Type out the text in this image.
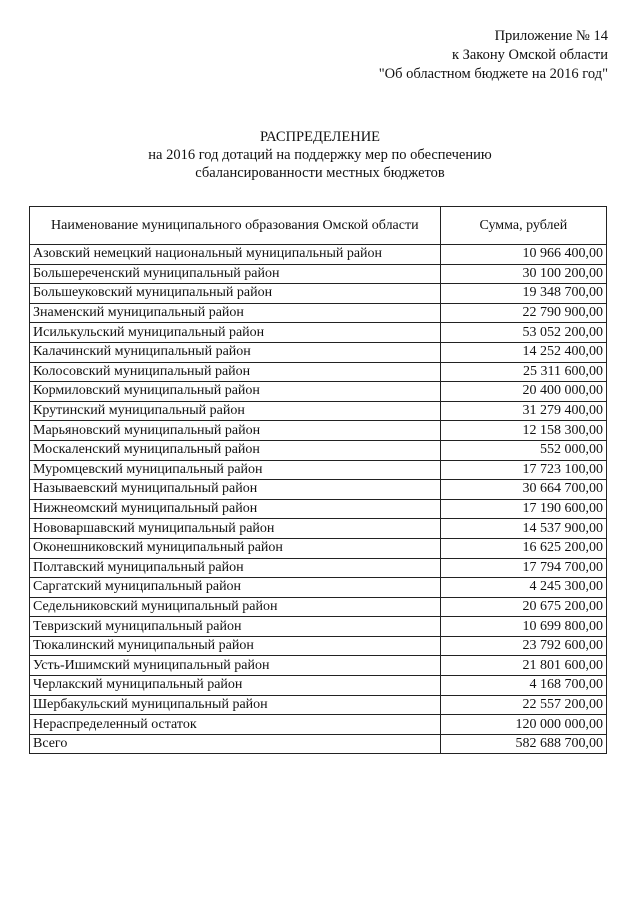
Приложение № 14
к Закону Омской области
"Об областном бюджете на 2016 год"
РАСПРЕДЕЛЕНИЕ
на 2016 год дотаций на поддержку мер по обеспечению
сбалансированности местных бюджетов
Наименование муниципального образования Омской области	Сумма, рублей
Азовский немецкий национальный муниципальный район	10 966 400,00
Большереченский муниципальный район	30 100 200,00
Большеуковский муниципальный район	19 348 700,00
Знаменский муниципальный район	22 790 900,00
Исилькульский муниципальный район	53 052 200,00
Калачинский муниципальный район	14 252 400,00
Колосовский муниципальный район	25 311 600,00
Кормиловский муниципальный район	20 400 000,00
Крутинский муниципальный район	31 279 400,00
Марьяновский муниципальный район	12 158 300,00
Москаленский муниципальный район	552 000,00
Муромцевский муниципальный район	17 723 100,00
Называевский муниципальный район	30 664 700,00
Нижнеомский муниципальный район	17 190 600,00
Нововаршавский муниципальный район	14 537 900,00
Оконешниковский муниципальный район	16 625 200,00
Полтавский муниципальный район	17 794 700,00
Саргатский муниципальный район	4 245 300,00
Седельниковский муниципальный район	20 675 200,00
Тевризский муниципальный район	10 699 800,00
Тюкалинский муниципальный район	23 792 600,00
Усть-Ишимский муниципальный район	21 801 600,00
Черлакский муниципальный район	4 168 700,00
Шербакульский муниципальный район	22 557 200,00
Нераспределенный остаток	120 000 000,00
Всего	582 688 700,00
